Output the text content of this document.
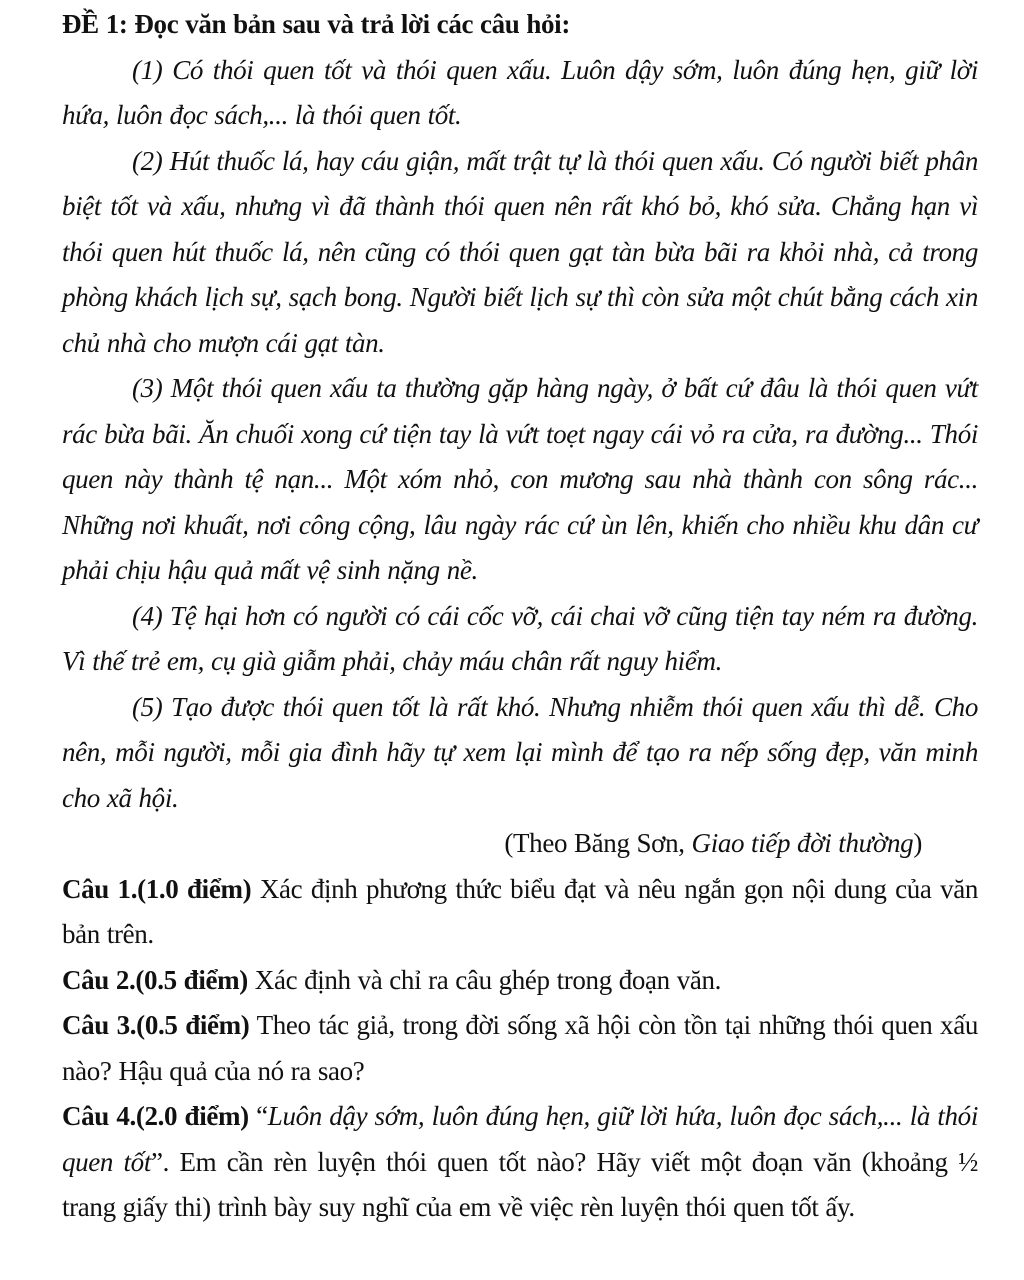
ĐỀ 1: Đọc văn bản sau và trả lời các câu hỏi:

(1) Có thói quen tốt và thói quen xấu. Luôn dậy sớm, luôn đúng hẹn, giữ lời hứa, luôn đọc sách,... là thói quen tốt.

(2) Hút thuốc lá, hay cáu giận, mất trật tự là thói quen xấu. Có người biết phân biệt tốt và xấu, nhưng vì đã thành thói quen nên rất khó bỏ, khó sửa. Chẳng hạn vì thói quen hút thuốc lá, nên cũng có thói quen gạt tàn bừa bãi ra khỏi nhà, cả trong phòng khách lịch sự, sạch bong. Người biết lịch sự thì còn sửa một chút bằng cách xin chủ nhà cho mượn cái gạt tàn.

(3) Một thói quen xấu ta thường gặp hàng ngày, ở bất cứ đâu là thói quen vứt rác bừa bãi. Ăn chuối xong cứ tiện tay là vứt toẹt ngay cái vỏ ra cửa, ra đường... Thói quen này thành tệ nạn... Một xóm nhỏ, con mương sau nhà thành con sông rác... Những nơi khuất, nơi công cộng, lâu ngày rác cứ ùn lên, khiến cho nhiều khu dân cư phải chịu hậu quả mất vệ sinh nặng nề.

(4) Tệ hại hơn có người có cái cốc vỡ, cái chai vỡ cũng tiện tay ném ra đường. Vì thế trẻ em, cụ già giẫm phải, chảy máu chân rất nguy hiểm.

(5) Tạo được thói quen tốt là rất khó. Nhưng nhiễm thói quen xấu thì dễ. Cho nên, mỗi người, mỗi gia đình hãy tự xem lại mình để tạo ra nếp sống đẹp, văn minh cho xã hội.

(Theo Băng Sơn, Giao tiếp đời thường)

Câu 1.(1.0 điểm) Xác định phương thức biểu đạt và nêu ngắn gọn nội dung của văn bản trên.

Câu 2.(0.5 điểm) Xác định và chỉ ra câu ghép trong đoạn văn.

Câu 3.(0.5 điểm) Theo tác giả, trong đời sống xã hội còn tồn tại những thói quen xấu nào? Hậu quả của nó ra sao?

Câu 4.(2.0 điểm) “Luôn dậy sớm, luôn đúng hẹn, giữ lời hứa, luôn đọc sách,... là thói quen tốt”. Em cần rèn luyện thói quen tốt nào? Hãy viết một đoạn văn (khoảng ½ trang giấy thi) trình bày suy nghĩ của em về việc rèn luyện thói quen tốt ấy.
